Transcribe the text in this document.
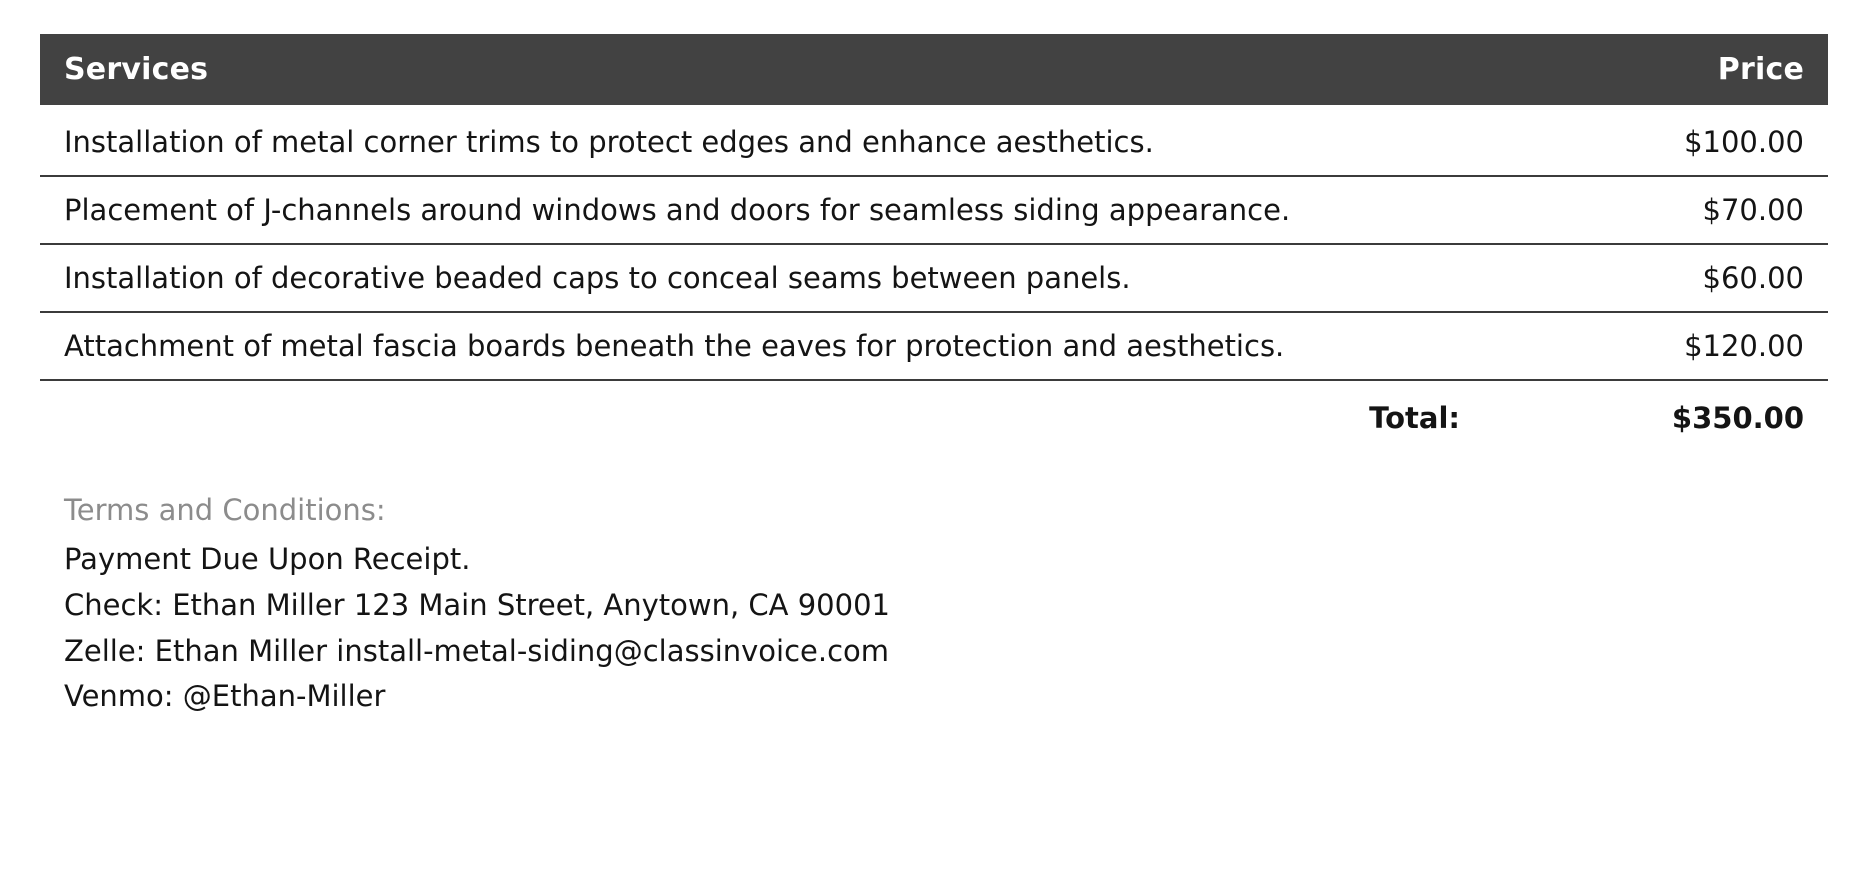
Services	Price
Installation of metal corner trims to protect edges and enhance aesthetics.	$100.00
Placement of J-channels around windows and doors for seamless siding appearance.	$70.00
Installation of decorative beaded caps to conceal seams between panels.	$60.00
Attachment of metal fascia boards beneath the eaves for protection and aesthetics.	$120.00
Total:	$350.00
Terms and Conditions:
Payment Due Upon Receipt.
Check: Ethan Miller 123 Main Street, Anytown, CA 90001
Zelle: Ethan Miller install-metal-siding@classinvoice.com
Venmo: @Ethan-Miller
